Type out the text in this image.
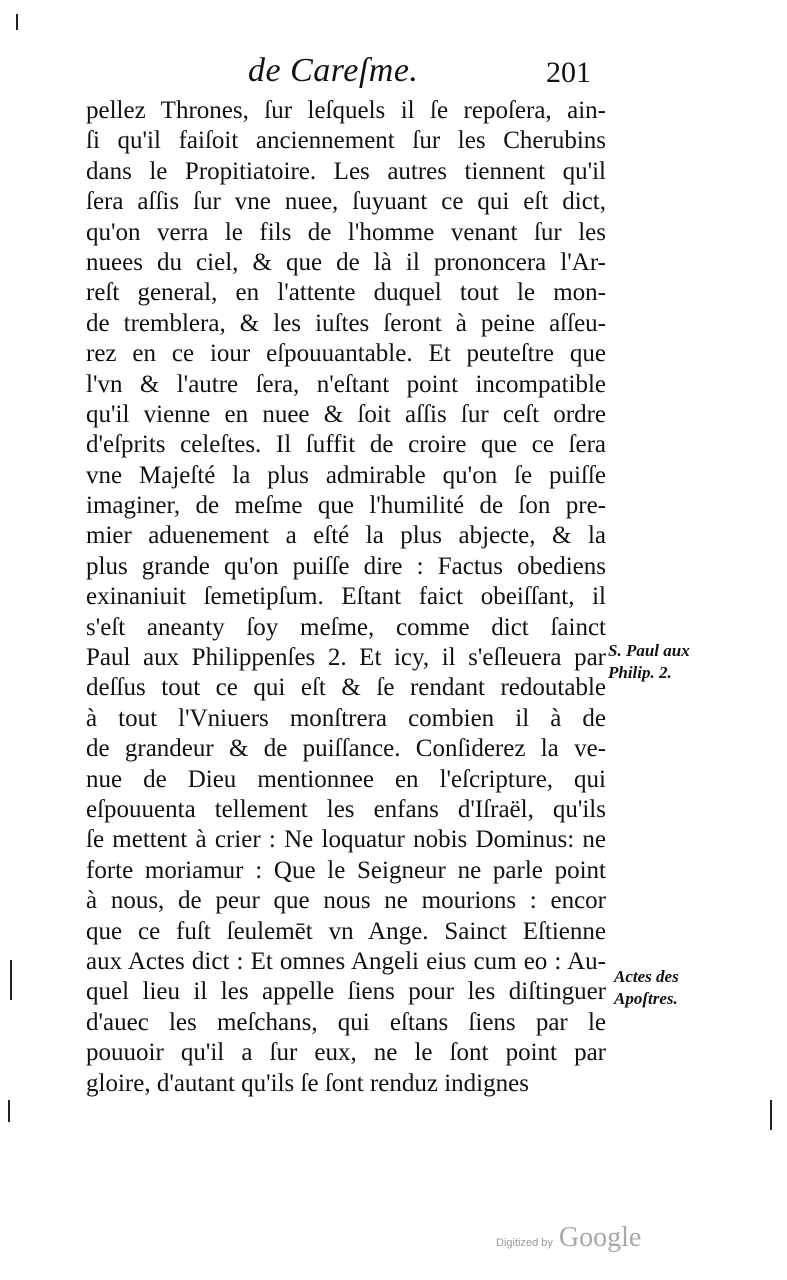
de Careſme.	201
pellez Thrones, ſur leſquels il ſe repoſera, ain-
ſi qu'il faiſoit anciennement ſur les Cherubins
dans le Propitiatoire. Les autres tiennent qu'il
ſera aſſis ſur vne nuee, ſuyuant ce qui eſt dict,
qu'on verra le fils de l'homme venant ſur les
nuees du ciel, & que de là il prononcera l'Ar-
reſt general, en l'attente duquel tout le mon-
de tremblera, & les iuſtes ſeront à peine aſſeu-
rez en ce iour eſpouuantable. Et peuteſtre que
l'vn & l'autre ſera, n'eſtant point incompatible
qu'il vienne en nuee & ſoit aſſis ſur ceſt ordre
d'eſprits celeſtes. Il ſuffit de croire que ce ſera
vne Majeſté la plus admirable qu'on ſe puiſſe
imaginer, de meſme que l'humilité de ſon pre-
mier aduenement a eſté la plus abjecte, & la
plus grande qu'on puiſſe dire : Factus obediens
exinaniuit ſemetipſum. Eſtant faict obeiſſant, il
s'eſt aneanty ſoy meſme, comme dict ſainct
Paul aux Philippenſes 2. Et icy, il s'eſleuera par
deſſus tout ce qui eſt & ſe rendant redoutable
à tout l'Vniuers monſtrera combien il à de
de grandeur & de puiſſance. Conſiderez la ve-
nue de Dieu mentionnee en l'eſcripture, qui
eſpouuenta tellement les enfans d'Iſraël, qu'ils
ſe mettent à crier : Ne loquatur nobis Dominus: ne
forte moriamur : Que le Seigneur ne parle point
à nous, de peur que nous ne mourions : encor
que ce fuſt ſeulemēt vn Ange. Sainct Eſtienne
aux Actes dict : Et omnes Angeli eius cum eo : Au-
quel lieu il les appelle ſiens pour les diſtinguer
d'auec les meſchans, qui eſtans ſiens par le
pouuoir qu'il a ſur eux, ne le ſont point par
gloire, d'autant qu'ils ſe ſont renduz indignes
S. Paul aux
Philip. 2.
Actes des
Apoſtres.
Digitized by Google
